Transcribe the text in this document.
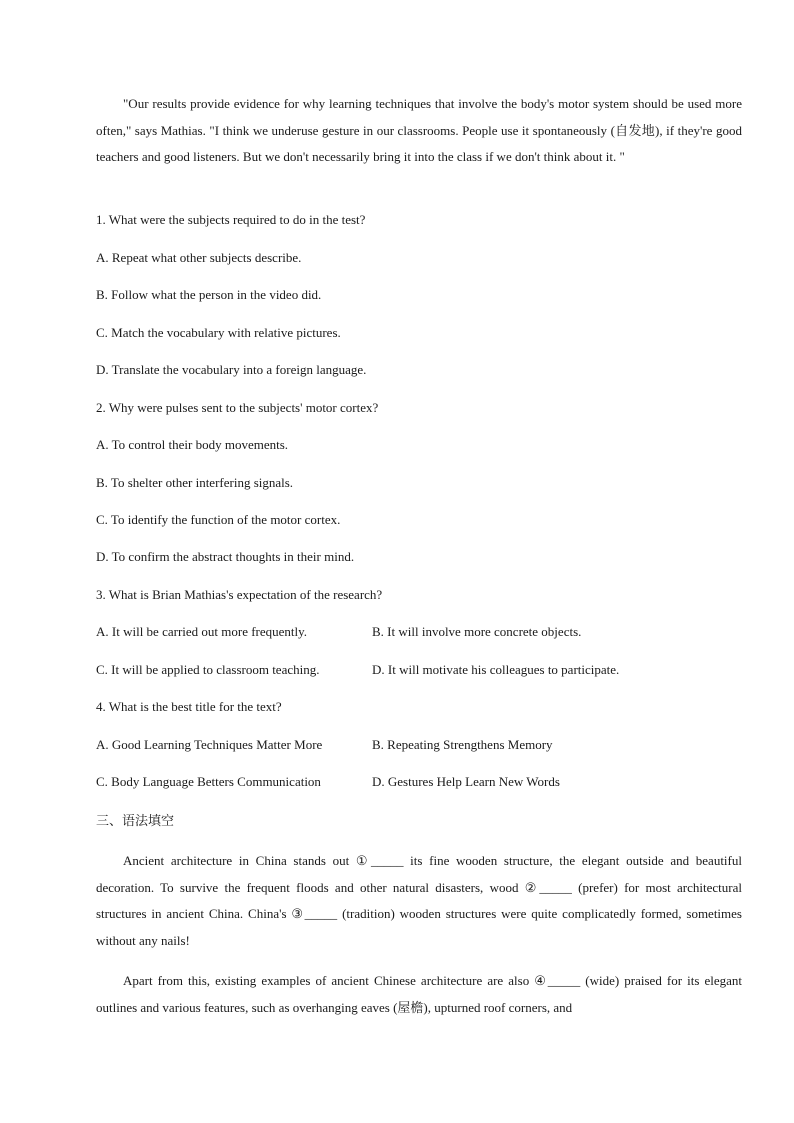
"Our results provide evidence for why learning techniques that involve the body's motor system should be used more often," says Mathias. "I think we underuse gesture in our classrooms. People use it spontaneously (自发地), if they're good teachers and good listeners. But we don't necessarily bring it into the class if we don't think about it. "

1. What were the subjects required to do in the test?

A. Repeat what other subjects describe.

B. Follow what the person in the video did.

C. Match the vocabulary with relative pictures.

D. Translate the vocabulary into a foreign language.

2. Why were pulses sent to the subjects' motor cortex?

A. To control their body movements.

B. To shelter other interfering signals.

C. To identify the function of the motor cortex.

D. To confirm the abstract thoughts in their mind.

3. What is Brian Mathias's expectation of the research?

A. It will be carried out more frequently.	B. It will involve more concrete objects.

C. It will be applied to classroom teaching.	D. It will motivate his colleagues to participate.

4. What is the best title for the text?

A. Good Learning Techniques Matter More	B. Repeating Strengthens Memory

C. Body Language Betters Communication	D. Gestures Help Learn New Words

三、语法填空

Ancient architecture in China stands out ①_____ its fine wooden structure, the elegant outside and beautiful decoration. To survive the frequent floods and other natural disasters, wood ②_____ (prefer) for most architectural structures in ancient China. China's ③_____ (tradition) wooden structures were quite complicatedly formed, sometimes without any nails!

Apart from this, existing examples of ancient Chinese architecture are also ④_____ (wide) praised for its elegant outlines and various features, such as overhanging eaves (屋檐), upturned roof corners, and
